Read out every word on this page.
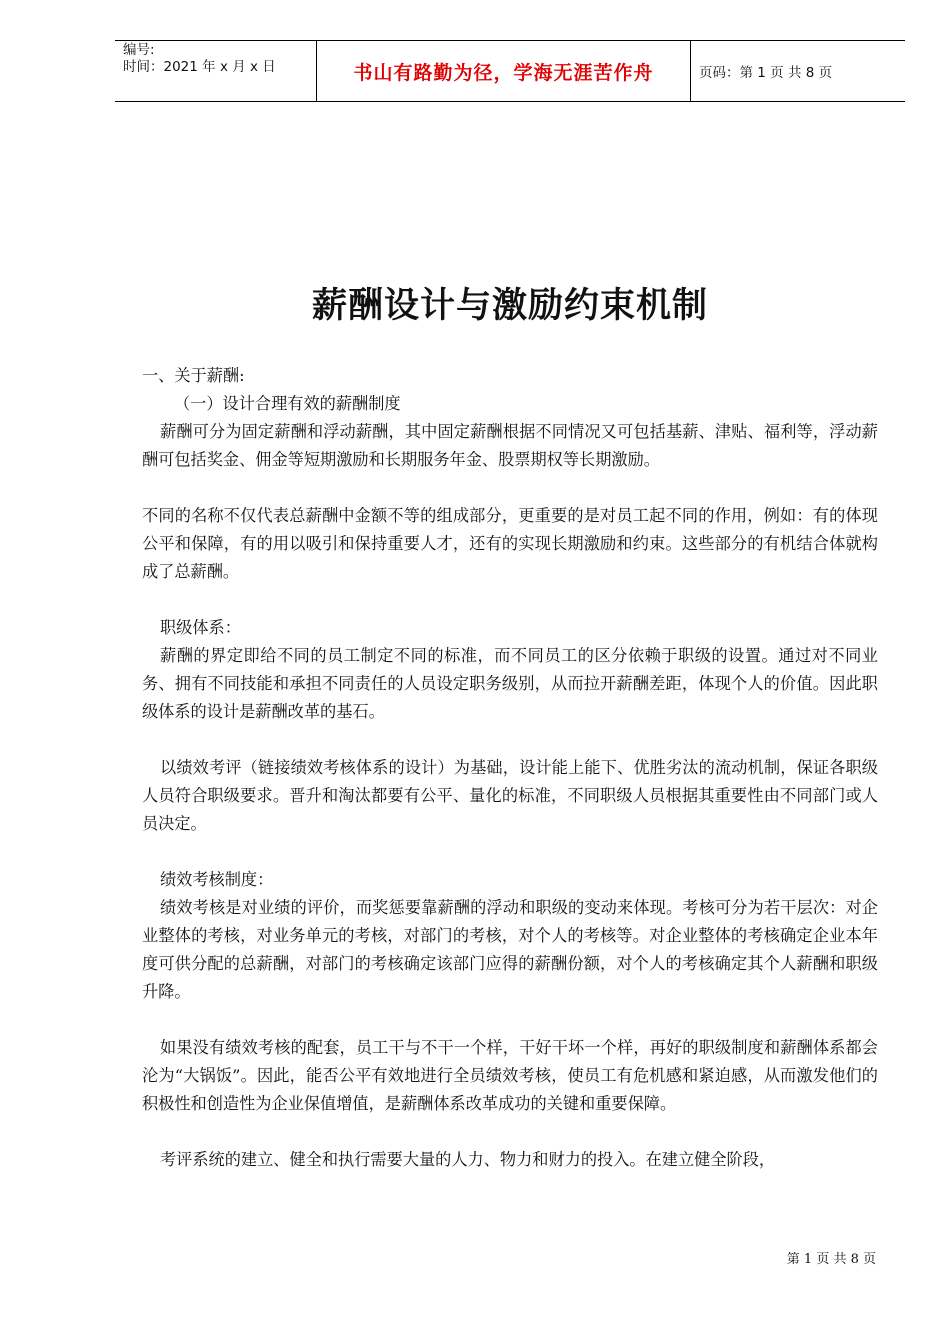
编号:
时间：2021 年 x 月 x 日	书山有路勤为径，学海无涯苦作舟	页码：第 1 页 共 8 页
薪酬设计与激励约束机制

一、关于薪酬:

（一）设计合理有效的薪酬制度

薪酬可分为固定薪酬和浮动薪酬，其中固定薪酬根据不同情况又可包括基薪、津贴、福利等，浮动薪酬可包括奖金、佣金等短期激励和长期服务年金、股票期权等长期激励。

不同的名称不仅代表总薪酬中金额不等的组成部分，更重要的是对员工起不同的作用，例如：有的体现公平和保障，有的用以吸引和保持重要人才，还有的实现长期激励和约束。这些部分的有机结合体就构成了总薪酬。

职级体系：

薪酬的界定即给不同的员工制定不同的标准，而不同员工的区分依赖于职级的设置。通过对不同业务、拥有不同技能和承担不同责任的人员设定职务级别，从而拉开薪酬差距，体现个人的价值。因此职级体系的设计是薪酬改革的基石。

以绩效考评（链接绩效考核体系的设计）为基础，设计能上能下、优胜劣汰的流动机制，保证各职级人员符合职级要求。晋升和淘汰都要有公平、量化的标准，不同职级人员根据其重要性由不同部门或人员决定。

绩效考核制度：

绩效考核是对业绩的评价，而奖惩要靠薪酬的浮动和职级的变动来体现。考核可分为若干层次：对企业整体的考核，对业务单元的考核，对部门的考核，对个人的考核等。对企业整体的考核确定企业本年度可供分配的总薪酬，对部门的考核确定该部门应得的薪酬份额，对个人的考核确定其个人薪酬和职级升降。

如果没有绩效考核的配套，员工干与不干一个样，干好干坏一个样，再好的职级制度和薪酬体系都会沦为“大锅饭”。因此，能否公平有效地进行全员绩效考核，使员工有危机感和紧迫感，从而激发他们的积极性和创造性为企业保值增值，是薪酬体系改革成功的关键和重要保障。

考评系统的建立、健全和执行需要大量的人力、物力和财力的投入。在建立健全阶段，

第 1 页 共 8 页
